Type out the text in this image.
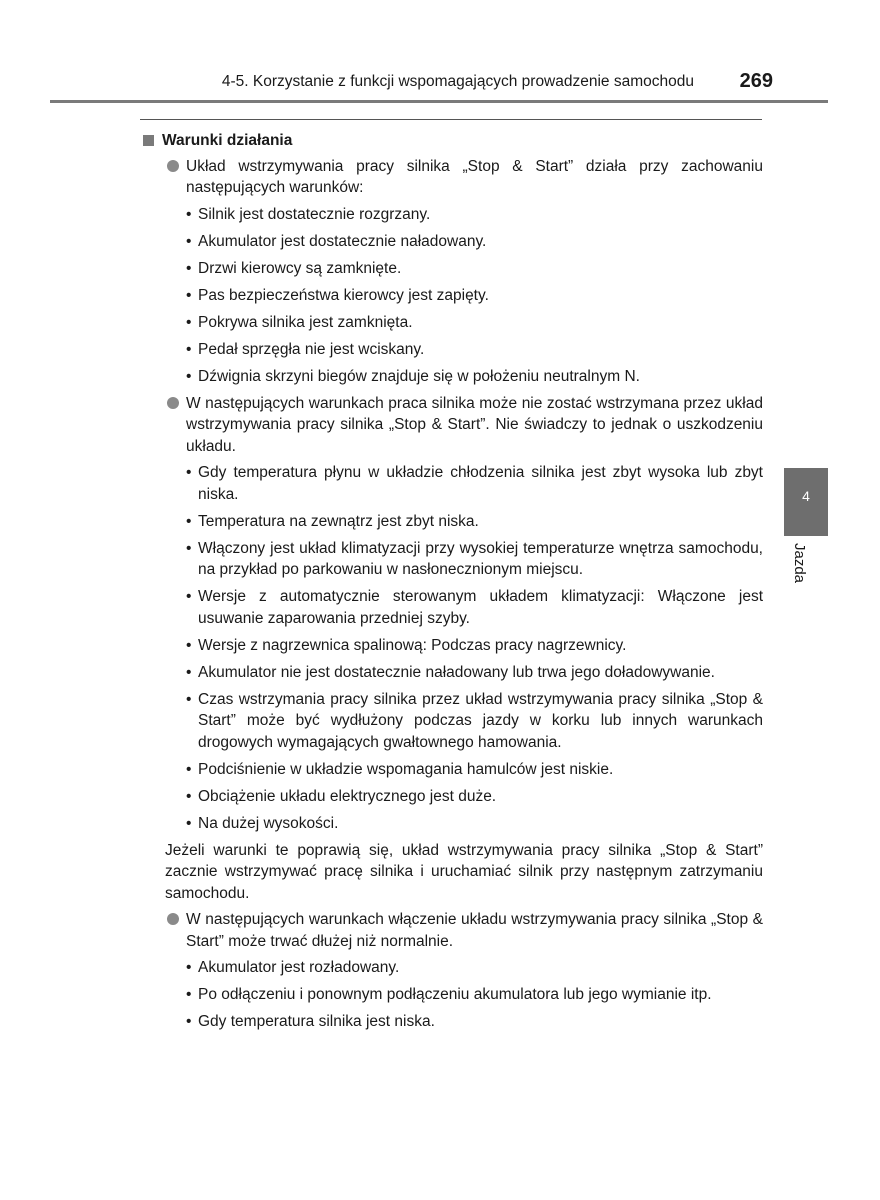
4-5. Korzystanie z funkcji wspomagających prowadzenie samochodu 269
4
Jazda
Warunki działania
Układ wstrzymywania pracy silnika „Stop & Start” działa przy zachowaniu następujących warunków:
• Silnik jest dostatecznie rozgrzany.
• Akumulator jest dostatecznie naładowany.
• Drzwi kierowcy są zamknięte.
• Pas bezpieczeństwa kierowcy jest zapięty.
• Pokrywa silnika jest zamknięta.
• Pedał sprzęgła nie jest wciskany.
• Dźwignia skrzyni biegów znajduje się w położeniu neutralnym N.
W następujących warunkach praca silnika może nie zostać wstrzymana przez układ wstrzymywania pracy silnika „Stop & Start”. Nie świadczy to jednak o uszkodzeniu układu.
• Gdy temperatura płynu w układzie chłodzenia silnika jest zbyt wysoka lub zbyt niska.
• Temperatura na zewnątrz jest zbyt niska.
• Włączony jest układ klimatyzacji przy wysokiej temperaturze wnętrza samochodu, na przykład po parkowaniu w nasłonecznionym miejscu.
• Wersje z automatycznie sterowanym układem klimatyzacji: Włączone jest usuwanie zaparowania przedniej szyby.
• Wersje z nagrzewnica spalinową: Podczas pracy nagrzewnicy.
• Akumulator nie jest dostatecznie naładowany lub trwa jego doładowywanie.
• Czas wstrzymania pracy silnika przez układ wstrzymywania pracy silnika „Stop & Start” może być wydłużony podczas jazdy w korku lub innych warunkach drogowych wymagających gwałtownego hamowania.
• Podciśnienie w układzie wspomagania hamulców jest niskie.
• Obciążenie układu elektrycznego jest duże.
• Na dużej wysokości.
Jeżeli warunki te poprawią się, układ wstrzymywania pracy silnika „Stop & Start” zacznie wstrzymywać pracę silnika i uruchamiać silnik przy następnym zatrzymaniu samochodu.
W następujących warunkach włączenie układu wstrzymywania pracy silnika „Stop & Start” może trwać dłużej niż normalnie.
• Akumulator jest rozładowany.
• Po odłączeniu i ponownym podłączeniu akumulatora lub jego wymianie itp.
• Gdy temperatura silnika jest niska.
